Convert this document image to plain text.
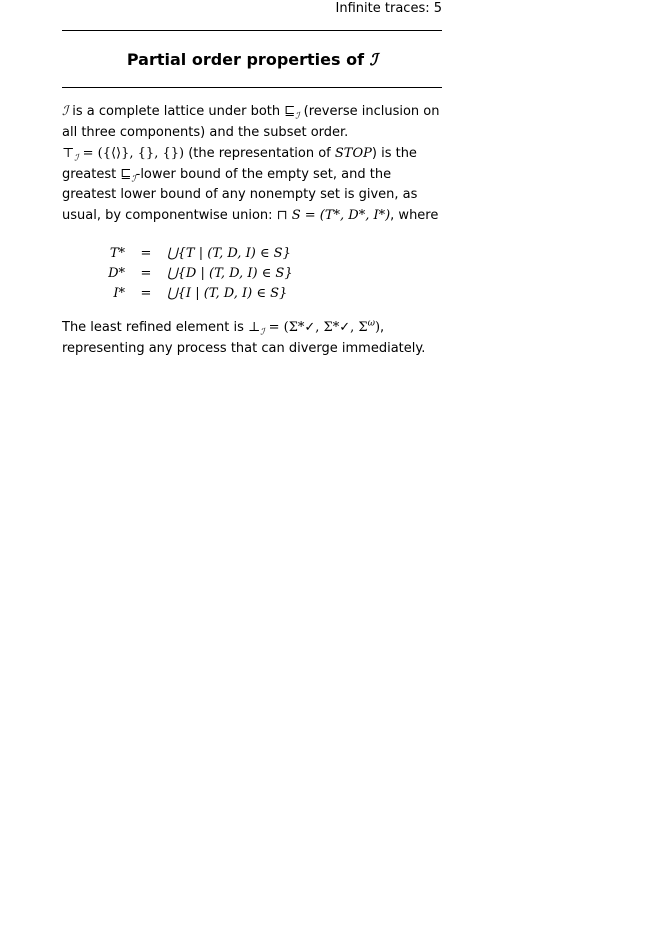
Infinite traces: 5
Partial order properties of ℐ
ℐ is a complete lattice under both $⊑_ℐ$ (reverse inclusion on all three components) and the subset order.
$⊤_ℐ$ = ({⟨⟩}, {}, {}) (the representation of STOP) is the greatest $⊑_ℐ$-lower bound of the empty set, and the greatest lower bound of any nonempty set is given, as usual, by componentwise union: ⊓ S = (T*, D*, I*), where
T*	=	⋃{T | (T, D, I) ∈ S}
D*	=	⋃{D | (T, D, I) ∈ S}
I*	=	⋃{I | (T, D, I) ∈ S}
The least refined element is $\perp_ℐ$ = (Σ*✓, Σ*✓, $\Sigma^\omega$), representing any process that can diverge immediately.
